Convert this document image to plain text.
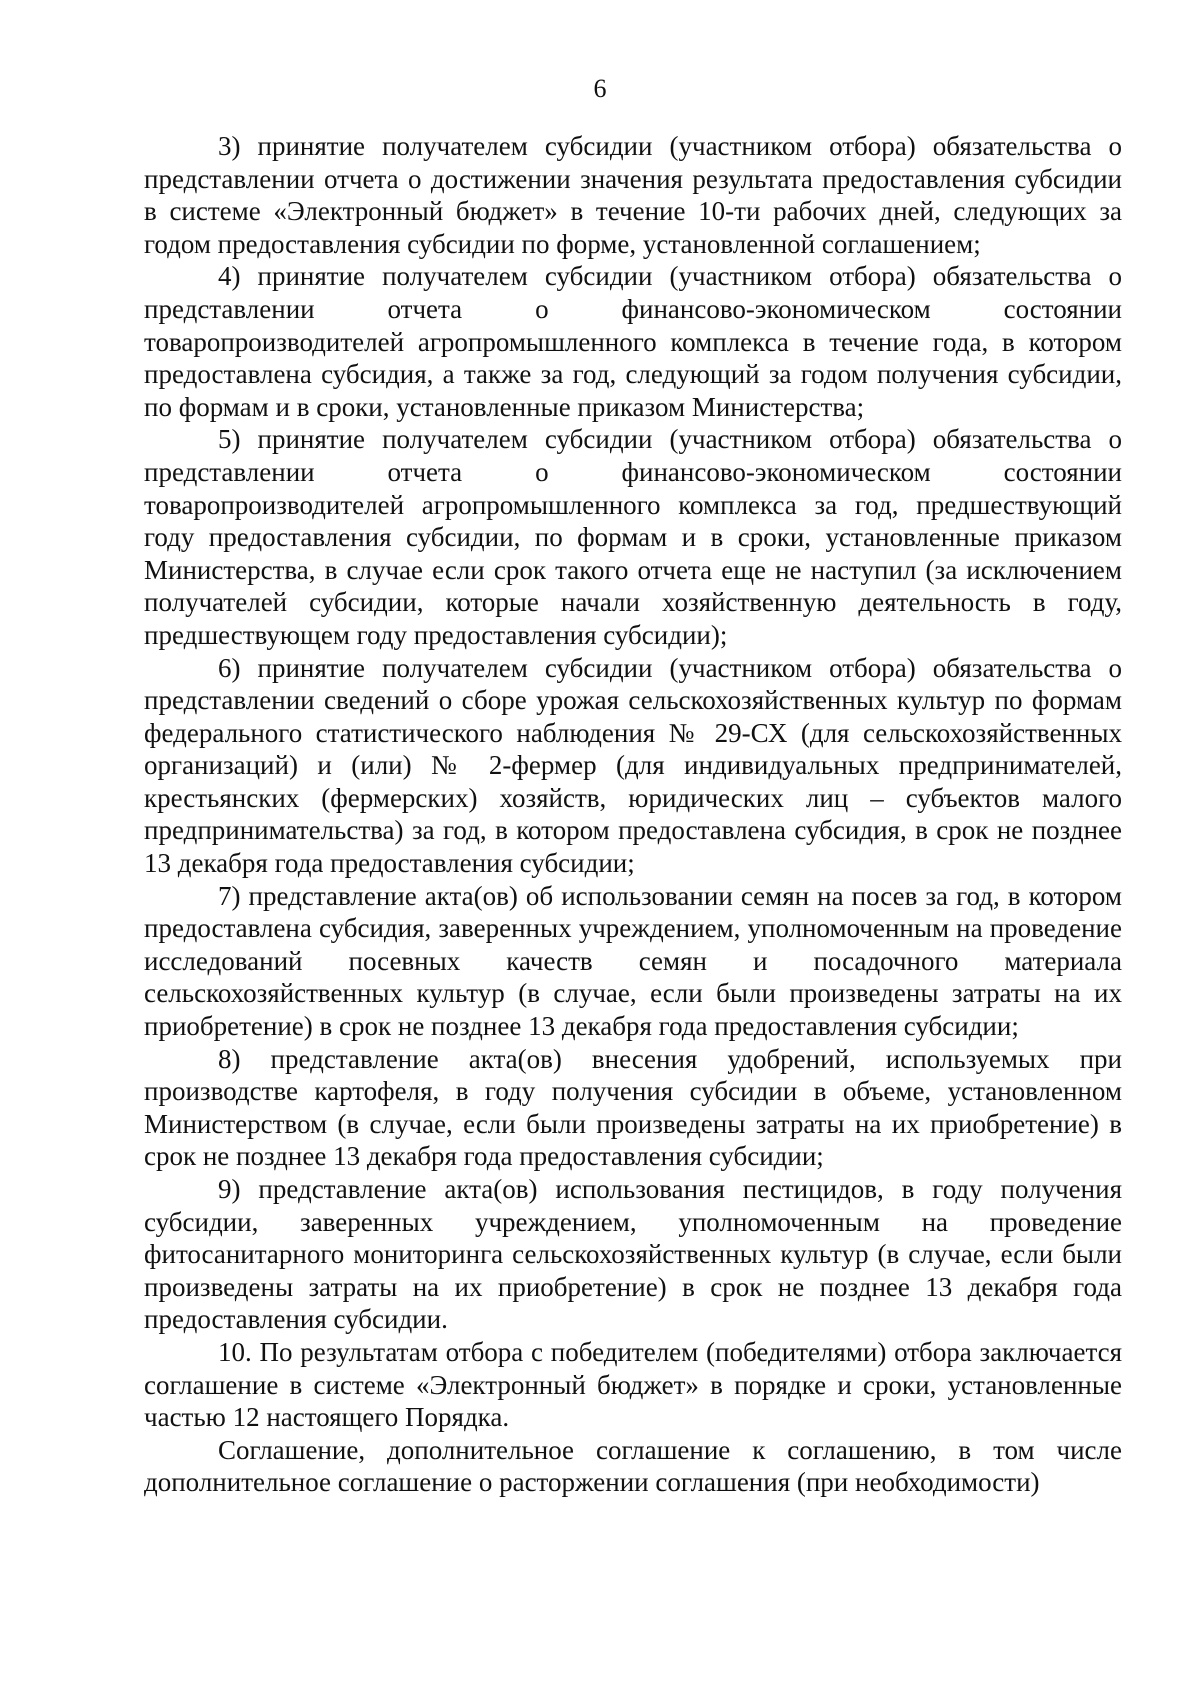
6

3) принятие получателем субсидии (участником отбора) обязательства о представлении отчета о достижении значения результата предоставления субсидии в системе «Электронный бюджет» в течение 10-ти рабочих дней, следующих за годом предоставления субсидии по форме, установленной соглашением;

4) принятие получателем субсидии (участником отбора) обязательства о представлении отчета о финансово-экономическом состоянии товаропроизводителей агропромышленного комплекса в течение года, в котором предоставлена субсидия, а также за год, следующий за годом получения субсидии, по формам и в сроки, установленные приказом Министерства;

5) принятие получателем субсидии (участником отбора) обязательства о представлении отчета о финансово-экономическом состоянии товаропроизводителей агропромышленного комплекса за год, предшествующий году предоставления субсидии, по формам и в сроки, установленные приказом Министерства, в случае если срок такого отчета еще не наступил (за исключением получателей субсидии, которые начали хозяйственную деятельность в году, предшествующем году предоставления субсидии);

6) принятие получателем субсидии (участником отбора) обязательства о представлении сведений о сборе урожая сельскохозяйственных культур по формам федерального статистического наблюдения № 29-СХ (для сельскохозяйственных организаций) и (или) № 2-фермер (для индивидуальных предпринимателей, крестьянских (фермерских) хозяйств, юридических лиц – субъектов малого предпринимательства) за год, в котором предоставлена субсидия, в срок не позднее 13 декабря года предоставления субсидии;

7) представление акта(ов) об использовании семян на посев за год, в котором предоставлена субсидия, заверенных учреждением, уполномоченным на проведение исследований посевных качеств семян и посадочного материала сельскохозяйственных культур (в случае, если были произведены затраты на их приобретение) в срок не позднее 13 декабря года предоставления субсидии;

8) представление акта(ов) внесения удобрений, используемых при производстве картофеля, в году получения субсидии в объеме, установленном Министерством (в случае, если были произведены затраты на их приобретение) в срок не позднее 13 декабря года предоставления субсидии;

9) представление акта(ов) использования пестицидов, в году получения субсидии, заверенных учреждением, уполномоченным на проведение фитосанитарного мониторинга сельскохозяйственных культур (в случае, если были произведены затраты на их приобретение) в срок не позднее 13 декабря года предоставления субсидии.

10. По результатам отбора с победителем (победителями) отбора заключается соглашение в системе «Электронный бюджет» в порядке и сроки, установленные частью 12 настоящего Порядка.

Соглашение, дополнительное соглашение к соглашению, в том числе дополнительное соглашение о расторжении соглашения (при необходимости)
